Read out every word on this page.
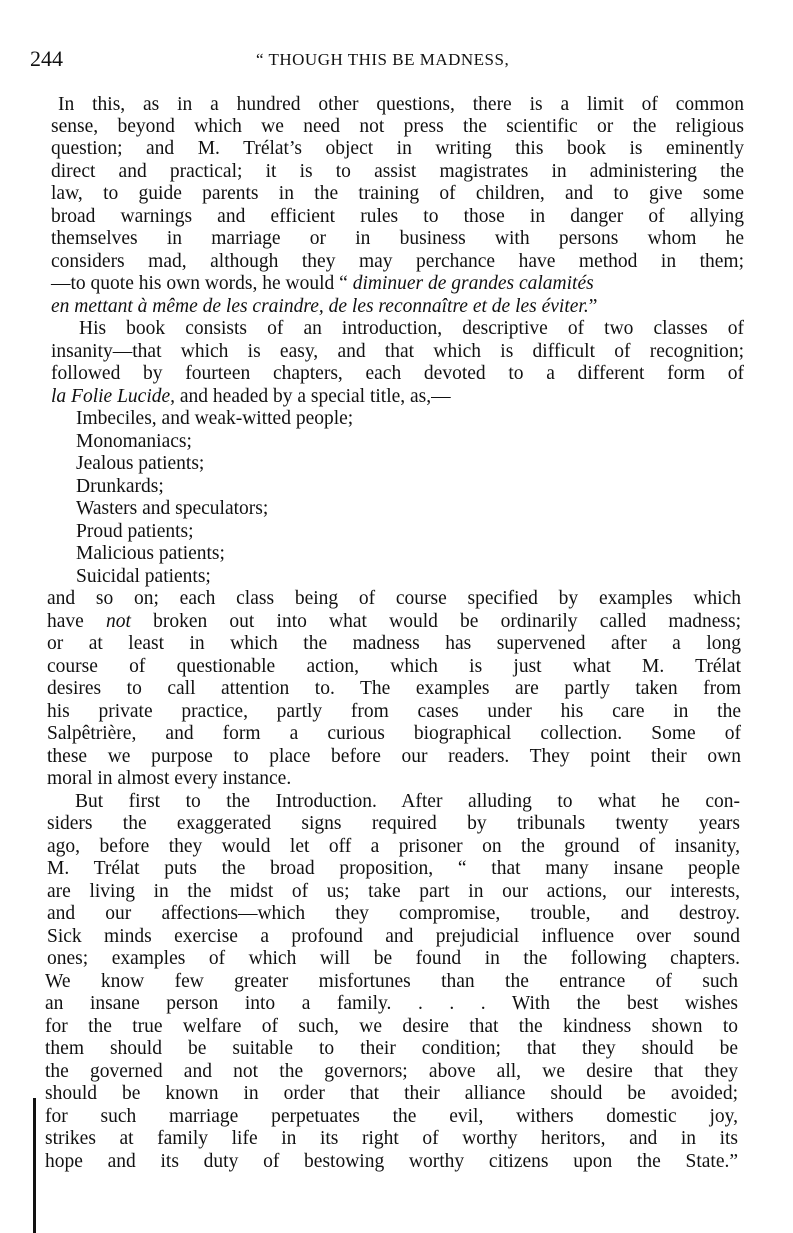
244	“ THOUGH THIS BE MADNESS,
In this, as in a hundred other questions, there is a limit of common
sense, beyond which we need not press the scientific or the religious
question; and M. Trélat’s object in writing this book is eminently
direct and practical; it is to assist magistrates in administering the
law, to guide parents in the training of children, and to give some
broad warnings and efficient rules to those in danger of allying
themselves in marriage or in business with persons whom he
considers mad, although they may perchance have method in them;
—to quote his own words, he would “ diminuer de grandes calamités
en mettant à même de les craindre, de les reconnaître et de les éviter.”
His book consists of an introduction, descriptive of two classes of
insanity—that which is easy, and that which is difficult of recognition;
followed by fourteen chapters, each devoted to a different form of
la Folie Lucide, and headed by a special title, as,—
Imbeciles, and weak-witted people;
Monomaniacs;
Jealous patients;
Drunkards;
Wasters and speculators;
Proud patients;
Malicious patients;
Suicidal patients;
and so on; each class being of course specified by examples which
have not broken out into what would be ordinarily called madness;
or at least in which the madness has supervened after a long
course of questionable action, which is just what M. Trélat
desires to call attention to. The examples are partly taken from
his private practice, partly from cases under his care in the
Salpêtrière, and form a curious biographical collection. Some of
these we purpose to place before our readers. They point their own
moral in almost every instance.
But first to the Introduction. After alluding to what he con-
siders the exaggerated signs required by tribunals twenty years
ago, before they would let off a prisoner on the ground of insanity,
M. Trélat puts the broad proposition, “ that many insane people
are living in the midst of us; take part in our actions, our interests,
and our affections—which they compromise, trouble, and destroy.
Sick minds exercise a profound and prejudicial influence over sound
ones; examples of which will be found in the following chapters.
We know few greater misfortunes than the entrance of such
an insane person into a family. . . . With the best wishes
for the true welfare of such, we desire that the kindness shown to
them should be suitable to their condition; that they should be
the governed and not the governors; above all, we desire that they
should be known in order that their alliance should be avoided;
for such marriage perpetuates the evil, withers domestic joy,
strikes at family life in its right of worthy heritors, and in its
hope and its duty of bestowing worthy citizens upon the State.”
